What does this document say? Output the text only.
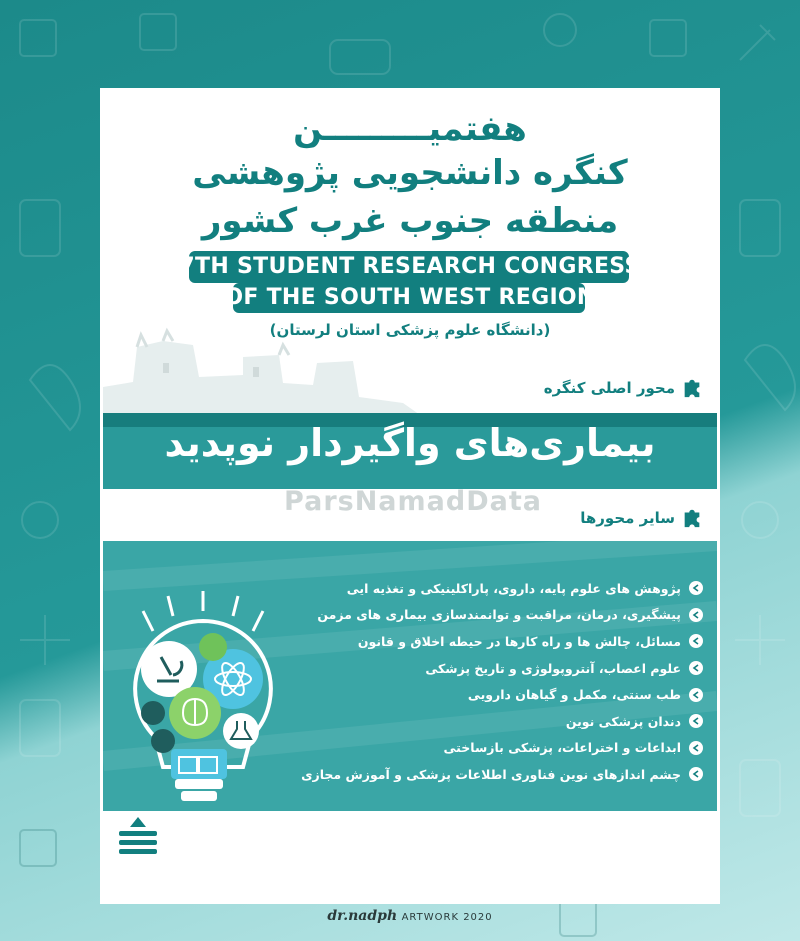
هفتمیـــــــــن
کنگره دانشجویی پژوهشی
منطقه جنوب غرب کشور
7TH STUDENT RESEARCH CONGRESS
OF THE SOUTH WEST REGION
(دانشگاه علوم پزشکی استان لرستان)
محور اصلی کنگره
بیماری‌های واگیردار نوپدید
ParsNamadData
سایر محورها
پژوهش های علوم پایه، داروی، پاراکلینیکی و تغذیه ایی
پیشگیری، درمان، مراقبت و توانمندسازی بیماری های مزمن
مسائل، چالش ها و راه کارها در حیطه اخلاق و قانون
علوم اعصاب، آنتروپولوژی و تاریخ پزشکی
طب سنتی، مکمل و گیاهان دارویی
دندان پزشکی نوین
ابداعات و اختراعات، پزشکی بازساختی
چشم اندازهای نوین فناوری اطلاعات پزشکی و آموزش مجازی
dr.nadph ARTWORK 2020
